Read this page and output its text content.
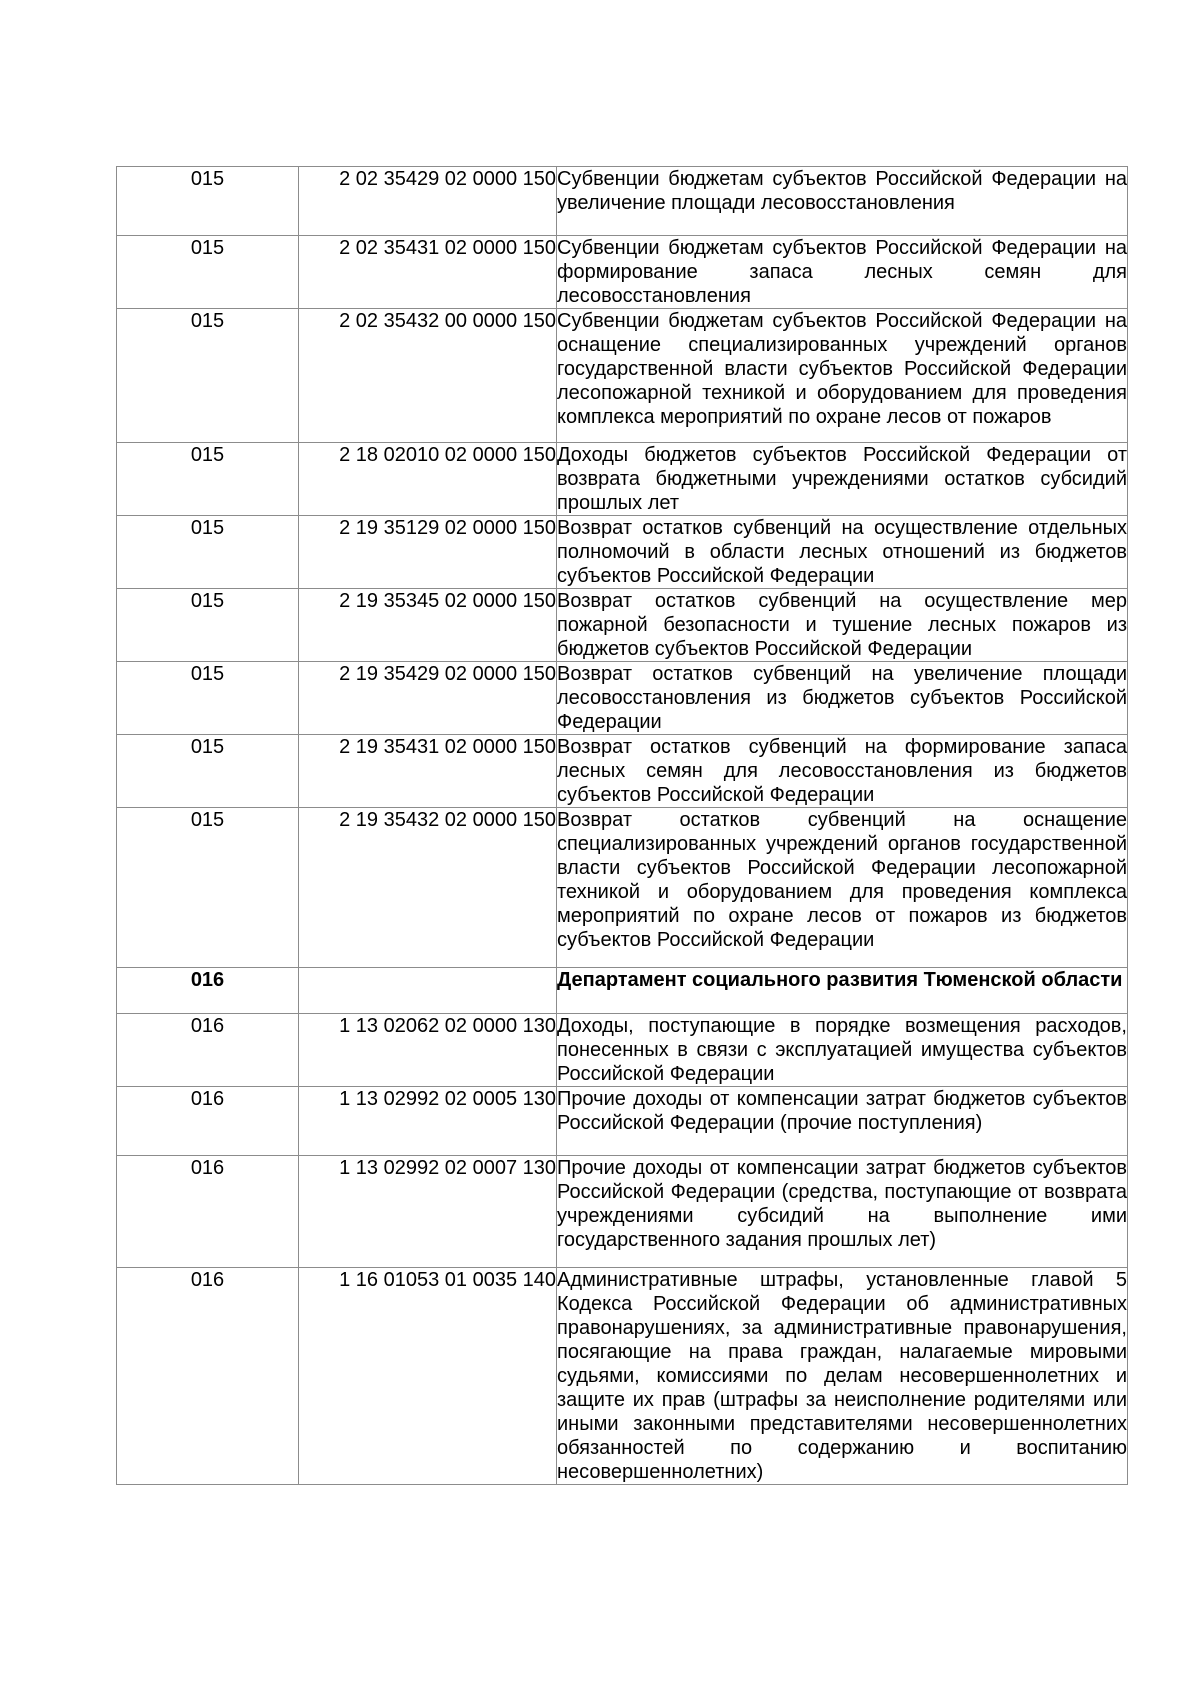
015	2 02 35429 02 0000 150	Субвенции бюджетам субъектов Российской Федерации на увеличение площади лесовосстановления
015	2 02 35431 02 0000 150	Субвенции бюджетам субъектов Российской Федерации на формирование запаса лесных семян для лесовосстановления
015	2 02 35432 00 0000 150	Субвенции бюджетам субъектов Российской Федерации на оснащение специализированных учреждений органов государственной власти субъектов Российской Федерации лесопожарной техникой и оборудованием для проведения комплекса мероприятий по охране лесов от пожаров
015	2 18 02010 02 0000 150	Доходы бюджетов субъектов Российской Федерации от возврата бюджетными учреждениями остатков субсидий прошлых лет
015	2 19 35129 02 0000 150	Возврат остатков субвенций на осуществление отдельных полномочий в области лесных отношений из бюджетов субъектов Российской Федерации
015	2 19 35345 02 0000 150	Возврат остатков субвенций на осуществление мер пожарной безопасности и тушение лесных пожаров из бюджетов субъектов Российской Федерации
015	2 19 35429 02 0000 150	Возврат остатков субвенций на увеличение площади лесовосстановления из бюджетов субъектов Российской Федерации
015	2 19 35431 02 0000 150	Возврат остатков субвенций на формирование запаса лесных семян для лесовосстановления из бюджетов субъектов Российской Федерации
015	2 19 35432 02 0000 150	Возврат остатков субвенций на оснащение специализированных учреждений органов государственной власти субъектов Российской Федерации лесопожарной техникой и оборудованием для проведения комплекса мероприятий по охране лесов от пожаров из бюджетов субъектов Российской Федерации
016		Департамент социального развития Тюменской области
016	1 13 02062 02 0000 130	Доходы, поступающие в порядке возмещения расходов, понесенных в связи с эксплуатацией имущества субъектов Российской Федерации
016	1 13 02992 02 0005 130	Прочие доходы от компенсации затрат бюджетов субъектов Российской Федерации (прочие поступления)
016	1 13 02992 02 0007 130	Прочие доходы от компенсации затрат бюджетов субъектов Российской Федерации (средства, поступающие от возврата учреждениями субсидий на выполнение ими государственного задания прошлых лет)
016	1 16 01053 01 0035 140	Административные штрафы, установленные главой 5 Кодекса Российской Федерации об административных правонарушениях, за административные правонарушения, посягающие на права граждан, налагаемые мировыми судьями, комиссиями по делам несовершеннолетних и защите их прав (штрафы за неисполнение родителями или иными законными представителями несовершеннолетних обязанностей по содержанию и воспитанию несовершеннолетних)
